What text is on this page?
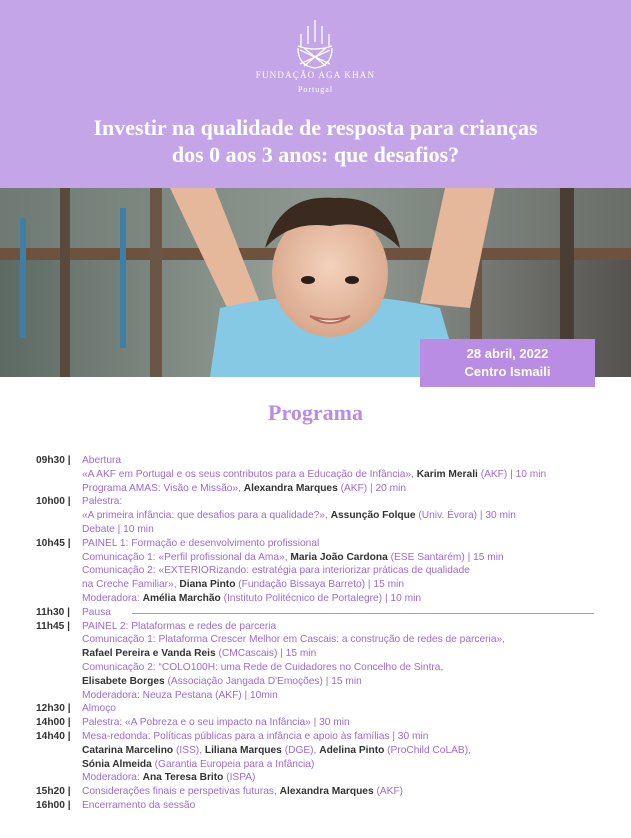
FUNDAÇÃO AGA KHAN
Portugal
Investir na qualidade de resposta para crianças
dos 0 aos 3 anos: que desafios?
28 abril, 2022
Centro Ismaili
Programa
09h30 |	Abertura
«A AKF em Portugal e os seus contributos para a Educação de Infância», Karim Merali (AKF) | 10 min
Programa AMAS: Visão e Missão», Alexandra Marques (AKF) | 20 min
10h00 |	Palestra:
«A primeira infância: que desafios para a qualidade?», Assunção Folque (Univ. Évora) | 30 min
Debate | 10 min
10h45 |	PAINEL 1: Formação e desenvolvimento profissional
Comunicação 1: «Perfil profissional da Ama», Maria João Cardona (ESE Santarém) | 15 min
Comunicação 2: «EXTERIORizando: estratégia para interiorizar práticas de qualidade
na Creche Familiar», Diana Pinto (Fundação Bissaya Barreto) | 15 min
Moderadora: Amélia Marchão (Instituto Politécnico de Portalegre) | 10 min
11h30 |	Pausa
11h45 |	PAINEL 2: Plataformas e redes de parceria
Comunicação 1: Plataforma Crescer Melhor em Cascais: a construção de redes de parceria»,
Rafael Pereira e Vanda Reis (CMCascais) | 15 min
Comunicação 2: “COLO100H: uma Rede de Cuidadores no Concelho de Sintra,
Elisabete Borges (Associação Jangada D'Emoções) | 15 min
Moderadora: Neuza Pestana (AKF) | 10min
12h30 |	Almoço
14h00 |	Palestra: «A Pobreza e o seu impacto na Infância» | 30 min
14h40 |	Mesa-redonda: Políticas públicas para a infância e apoio às famílias | 30 min
Catarina Marcelino (ISS), Liliana Marques (DGE), Adelina Pinto (ProChild CoLAB),
Sónia Almeida (Garantia Europeia para a Infância)
Moderadora: Ana Teresa Brito (ISPA)
15h20 |	Considerações finais e perspetivas futuras, Alexandra Marques (AKF)
16h00 |	Encerramento da sessão
